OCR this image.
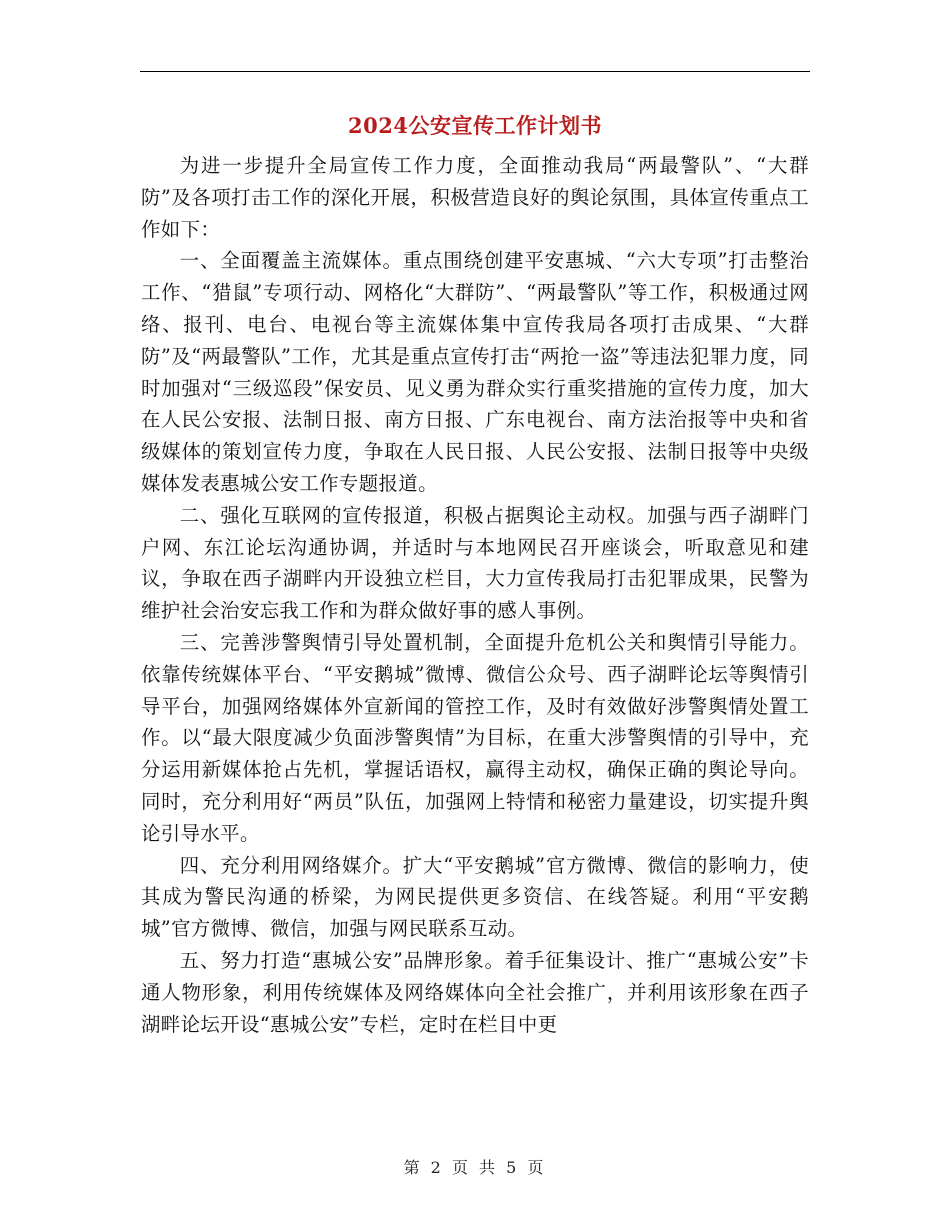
2024公安宣传工作计划书

为进一步提升全局宣传工作力度，全面推动我局“两最警队”、“大群防”及各项打击工作的深化开展，积极营造良好的舆论氛围，具体宣传重点工作如下：

一、全面覆盖主流媒体。重点围绕创建平安惠城、“六大专项”打击整治工作、“猎鼠”专项行动、网格化“大群防”、“两最警队”等工作，积极通过网络、报刊、电台、电视台等主流媒体集中宣传我局各项打击成果、“大群防”及“两最警队”工作，尤其是重点宣传打击“两抢一盗”等违法犯罪力度，同时加强对“三级巡段”保安员、见义勇为群众实行重奖措施的宣传力度，加大在人民公安报、法制日报、南方日报、广东电视台、南方法治报等中央和省级媒体的策划宣传力度，争取在人民日报、人民公安报、法制日报等中央级媒体发表惠城公安工作专题报道。

二、强化互联网的宣传报道，积极占据舆论主动权。加强与西子湖畔门户网、东江论坛沟通协调，并适时与本地网民召开座谈会，听取意见和建议，争取在西子湖畔内开设独立栏目，大力宣传我局打击犯罪成果，民警为维护社会治安忘我工作和为群众做好事的感人事例。

三、完善涉警舆情引导处置机制，全面提升危机公关和舆情引导能力。依靠传统媒体平台、“平安鹅城”微博、微信公众号、西子湖畔论坛等舆情引导平台，加强网络媒体外宣新闻的管控工作，及时有效做好涉警舆情处置工作。以“最大限度减少负面涉警舆情”为目标，在重大涉警舆情的引导中，充分运用新媒体抢占先机，掌握话语权，赢得主动权，确保正确的舆论导向。同时，充分利用好“两员”队伍，加强网上特情和秘密力量建设，切实提升舆论引导水平。

四、充分利用网络媒介。扩大“平安鹅城”官方微博、微信的影响力，使其成为警民沟通的桥梁，为网民提供更多资信、在线答疑。利用“平安鹅城”官方微博、微信，加强与网民联系互动。

五、努力打造“惠城公安”品牌形象。着手征集设计、推广“惠城公安”卡通人物形象，利用传统媒体及网络媒体向全社会推广，并利用该形象在西子湖畔论坛开设“惠城公安”专栏，定时在栏目中更

第 2 页 共 5 页
